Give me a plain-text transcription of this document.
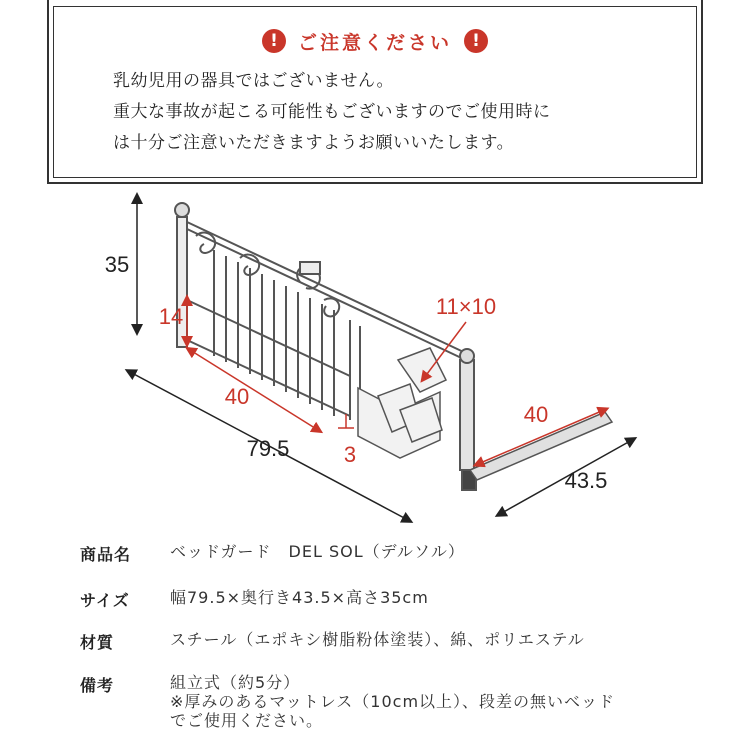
!	ご注意ください	!
乳幼児用の器具ではございません。
重大な事故が起こる可能性もございますのでご使用時に
は十分ご注意いただきますようお願いいたします。
35
14
40
3
11×10
40
79.5
43.5
商品名	ベッドガード　DEL SOL（デルソル）
サイズ	幅79.5×奥行き43.5×高さ35cm
材質	スチール（エポキシ樹脂粉体塗装）、綿、ポリエステル
備考	組立式（約5分）
※厚みのあるマットレス（10cm以上）、段差の無いベッド
でご使用ください。
